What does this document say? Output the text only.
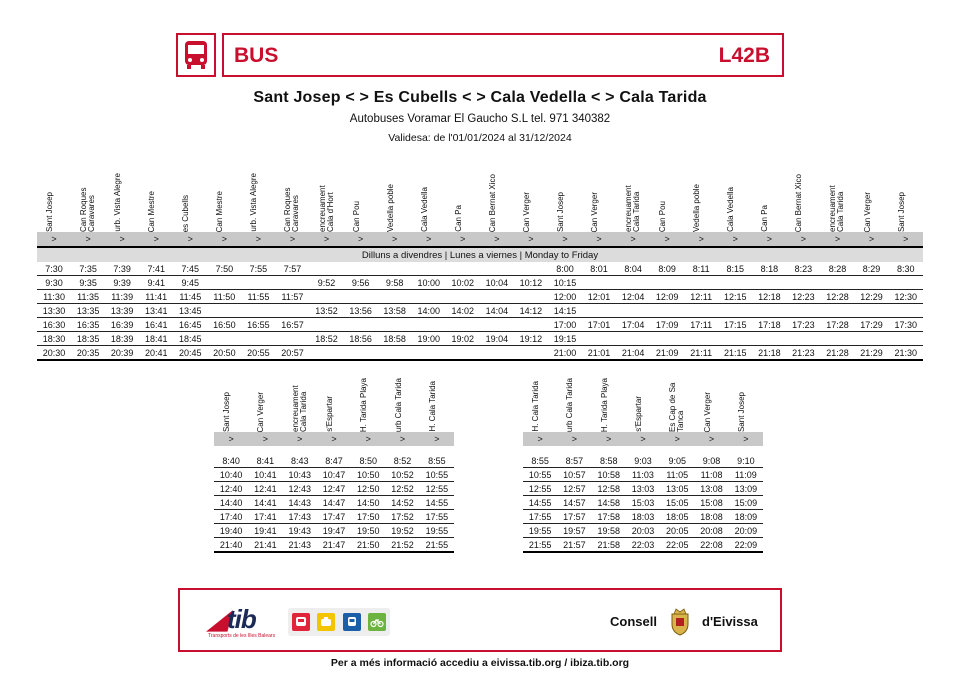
BUS	L42B
Sant Josep < > Es Cubells < > Cala Vedella < > Cala Tarida
Autobuses Voramar El Gaucho S.L tel. 971 340382
Validesa: de l'01/01/2024 al 31/12/2024
Sant Josep	Can Roques Caravares	urb. Vista Alegre	Can Mestre	es Cubells	Can Mestre	urb. Vista Alegre	Can Roques Caravares	encreuament Cala d'Hort	Can Pou	Vedella poble	Cala Vedella	Can Pa	Can Bernat Xico	Can Verger	Sant Josep	Can Verger	encreuament Cala Tarida	Can Pou	Vedella poble	Cala Vedella	Can Pa	Can Bernat Xico	encreuament Cala Tarida	Can Verger	Sant Josep

>	>	>	>	>	>	>	>	>	>	>	>	>	>	>	>	>	>	>	>	>	>	>	>	>	>
Dilluns a divendres | Lunes a viernes | Monday to Friday																									
7:30	7:35	7:39	7:41	7:45	7:50	7:55	7:57								8:00	8:01	8:04	8:09	8:11	8:15	8:18	8:23	8:28	8:29	8:30
9:30	9:35	9:39	9:41	9:45				9:52	9:56	9:58	10:00	10:02	10:04	10:12	10:15										
11:30	11:35	11:39	11:41	11:45	11:50	11:55	11:57								12:00	12:01	12:04	12:09	12:11	12:15	12:18	12:23	12:28	12:29	12:30
13:30	13:35	13:39	13:41	13:45				13:52	13:56	13:58	14:00	14:02	14:04	14:12	14:15										
16:30	16:35	16:39	16:41	16:45	16:50	16:55	16:57								17:00	17:01	17:04	17:09	17:11	17:15	17:18	17:23	17:28	17:29	17:30
18:30	18:35	18:39	18:41	18:45				18:52	18:56	18:58	19:00	19:02	19:04	19:12	19:15										
20:30	20:35	20:39	20:41	20:45	20:50	20:55	20:57								21:00	21:01	21:04	21:09	21:11	21:15	21:18	21:23	21:28	21:29	21:30
Sant Josep	Can Verger	encreuament Cala Tarida	s'Espartar	H. Tarida Playa	urb Cala Tarida	H. Cala Tarida

>	>	>	>	>	>	>

8:40	8:41	8:43	8:47	8:50	8:52	8:55
10:40	10:41	10:43	10:47	10:50	10:52	10:55
12:40	12:41	12:43	12:47	12:50	12:52	12:55
14:40	14:41	14:43	14:47	14:50	14:52	14:55
17:40	17:41	17:43	17:47	17:50	17:52	17:55
19:40	19:41	19:43	19:47	19:50	19:52	19:55
21:40	21:41	21:43	21:47	21:50	21:52	21:55
H. Cala Tarida	urb Cala Tarida	H. Tarida Playa	s'Espartar	Es Cap de Sa Tanca	Can Verger	Sant Josep

>	>	>	>	>	>	>

8:55	8:57	8:58	9:03	9:05	9:08	9:10
10:55	10:57	10:58	11:03	11:05	11:08	11:09
12:55	12:57	12:58	13:03	13:05	13:08	13:09
14:55	14:57	14:58	15:03	15:05	15:08	15:09
17:55	17:57	17:58	18:03	18:05	18:08	18:09
19:55	19:57	19:58	20:03	20:05	20:08	20:09
21:55	21:57	21:58	22:03	22:05	22:08	22:09
◢tib
Transports de les Illes Balears
Consell	d'Eivissa
Per a més informació accediu a eivissa.tib.org / ibiza.tib.org
